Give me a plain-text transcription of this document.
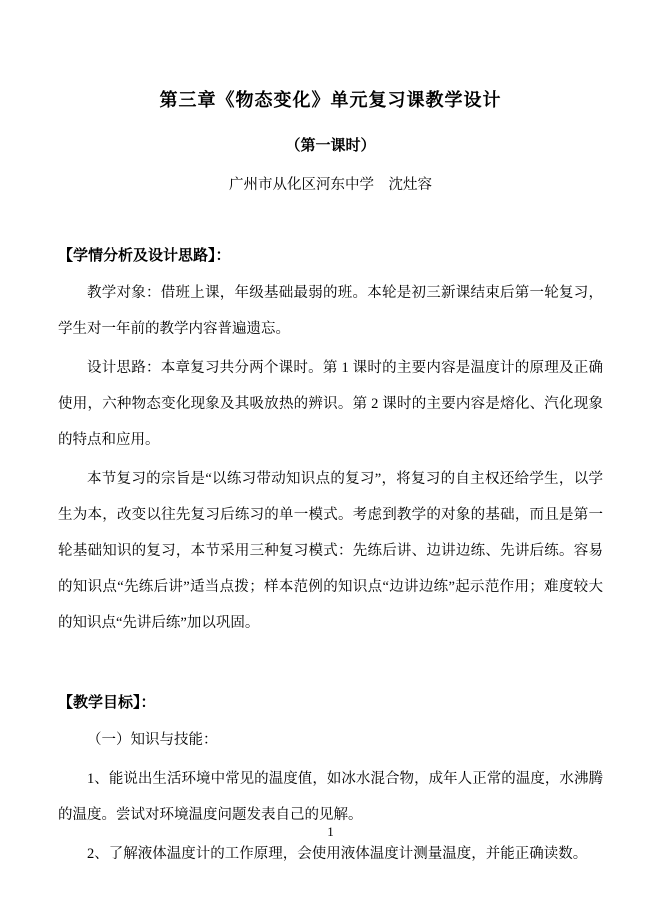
第三章《物态变化》单元复习课教学设计
（第一课时）
广州市从化区河东中学    沈灶容
【学情分析及设计思路】：

教学对象：借班上课，年级基础最弱的班。本轮是初三新课结束后第一轮复习，学生对一年前的教学内容普遍遗忘。

设计思路：本章复习共分两个课时。第 1 课时的主要内容是温度计的原理及正确使用，六种物态变化现象及其吸放热的辨识。第 2 课时的主要内容是熔化、汽化现象的特点和应用。

本节复习的宗旨是“以练习带动知识点的复习”，将复习的自主权还给学生，以学生为本，改变以往先复习后练习的单一模式。考虑到教学的对象的基础，而且是第一轮基础知识的复习，本节采用三种复习模式：先练后讲、边讲边练、先讲后练。容易的知识点“先练后讲”适当点拨；样本范例的知识点“边讲边练”起示范作用；难度较大的知识点“先讲后练”加以巩固。

【教学目标】：

（一）知识与技能：

1、能说出生活环境中常见的温度值，如冰水混合物，成年人正常的温度，水沸腾的温度。尝试对环境温度问题发表自己的见解。

2、了解液体温度计的工作原理，会使用液体温度计测量温度，并能正确读数。

1
